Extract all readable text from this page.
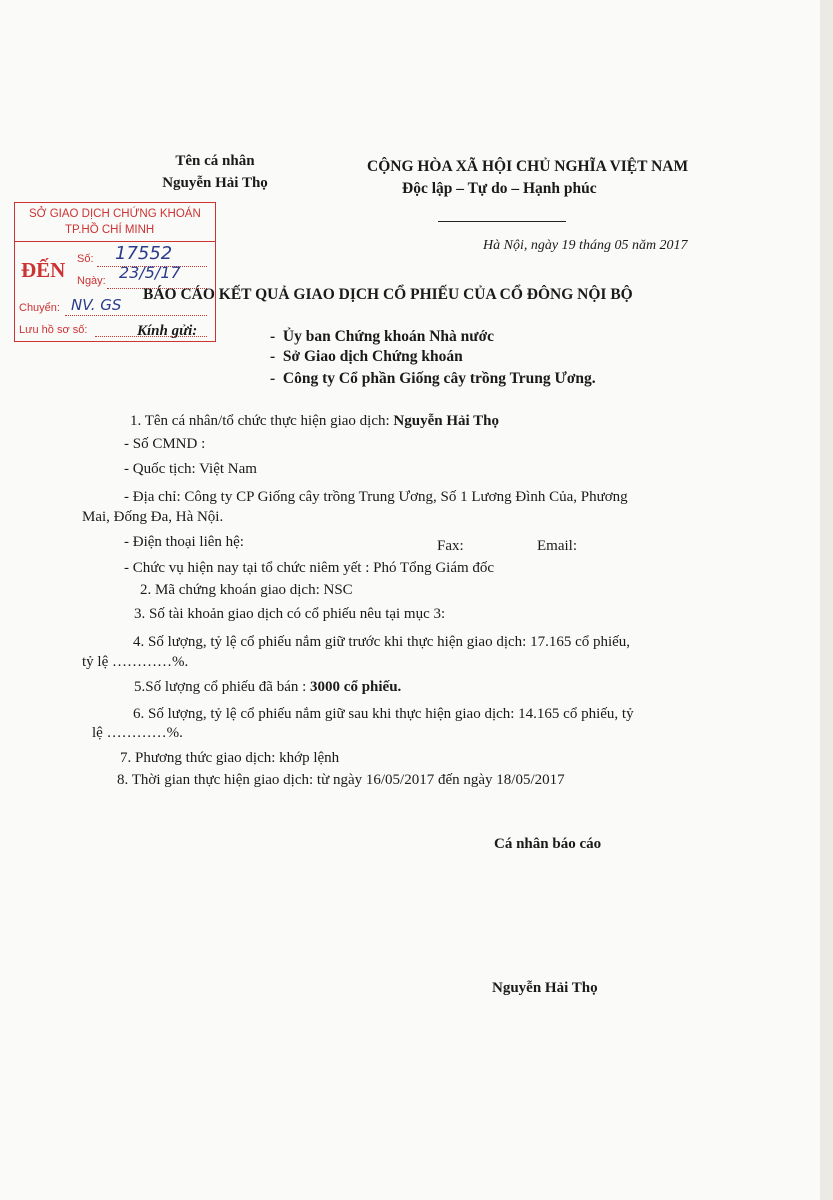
Tên cá nhân
Nguyễn Hải Thọ
CỘNG HÒA XÃ HỘI CHỦ NGHĨA VIỆT NAM
Độc lập – Tự do – Hạnh phúc
Hà Nội, ngày 19 tháng 05 năm 2017
SỞ GIAO DỊCH CHỨNG KHOÁN
TP.HỒ CHÍ MINH
ĐẾN Số: 17552
Ngày: 23/5/17
Chuyển: NV. GS
Lưu hồ sơ số:
BÁO CÁO KẾT QUẢ GIAO DỊCH CỔ PHIẾU CỦA CỔ ĐÔNG NỘI BỘ
Kính gửi:	-  Ủy ban Chứng khoán Nhà nước
-  Sở Giao dịch Chứng khoán
-  Công ty Cổ phần Giống cây trồng Trung Ương.
1. Tên cá nhân/tổ chức thực hiện giao dịch: Nguyễn Hải Thọ
- Số CMND :
- Quốc tịch: Việt Nam
- Địa chỉ: Công ty CP Giống cây trồng Trung Ương, Số 1 Lương Đình Của, Phương
Mai, Đống Đa, Hà Nội.
- Điện thoại liên hệ:	Fax:	Email:
- Chức vụ hiện nay tại tổ chức niêm yết : Phó Tổng Giám đốc
2. Mã chứng khoán giao dịch: NSC
3. Số tài khoản giao dịch có cổ phiếu nêu tại mục 3:
4. Số lượng, tỷ lệ cổ phiếu nắm giữ trước khi thực hiện giao dịch: 17.165 cổ phiếu,
tỷ lệ …………%.
5.Số lượng cổ phiếu đã bán : 3000 cổ phiếu.
6. Số lượng, tỷ lệ cổ phiếu nắm giữ sau khi thực hiện giao dịch: 14.165 cổ phiếu, tỷ
lệ …………%.
7. Phương thức giao dịch: khớp lệnh
8. Thời gian thực hiện giao dịch: từ ngày 16/05/2017 đến ngày 18/05/2017
Cá nhân báo cáo
Nguyễn Hải Thọ
